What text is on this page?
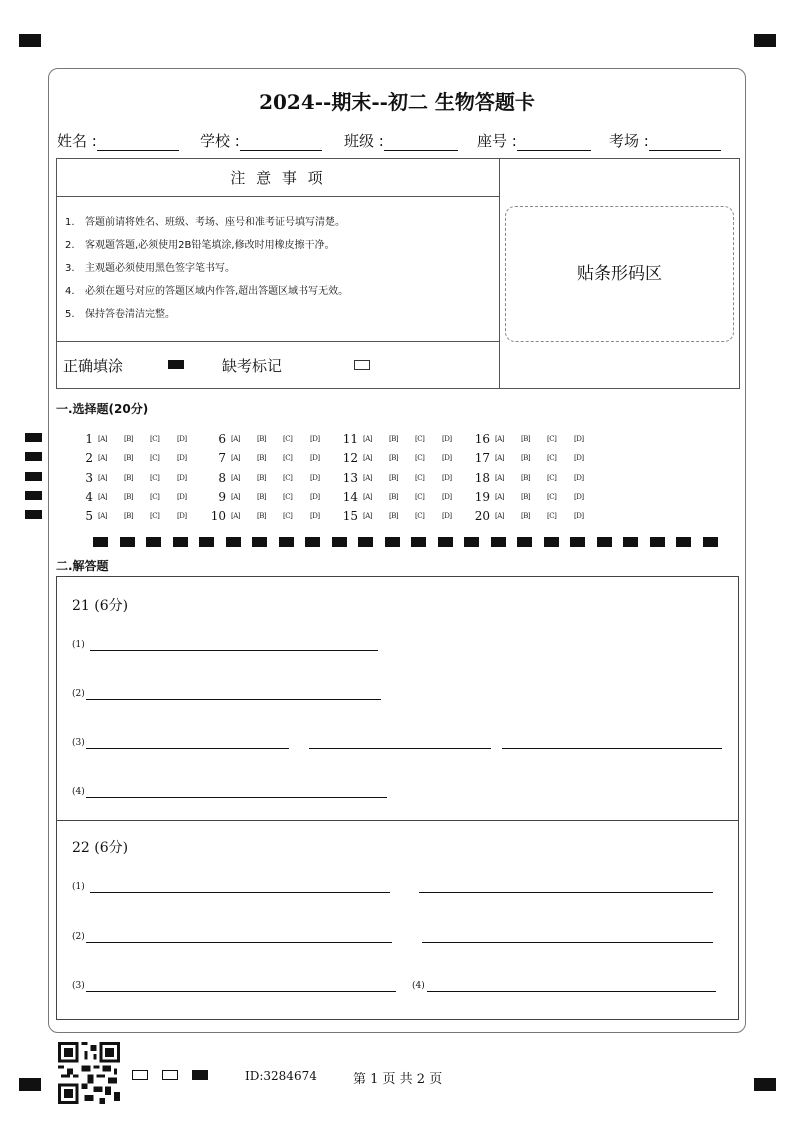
2024--期末--初二 生物答题卡
姓名 :	学校 :	班级 :	座号 :	考场 :
注 意 事 项
1. 答题前请将姓名、班级、考场、座号和准考证号填写清楚。
2. 客观题答题,必须使用2B铅笔填涂,修改时用橡皮擦干净。
3. 主观题必须使用黑色签字笔书写。
4. 必须在题号对应的答题区域内作答,超出答题区域书写无效。
5. 保持答卷清洁完整。
正确填涂	缺考标记
贴条形码区
一.选择题(20分)
1 [A]	[B]	[C]	[D]
2 [A]	[B]	[C]	[D]
3 [A]	[B]	[C]	[D]
4 [A]	[B]	[C]	[D]
5 [A]	[B]	[C]	[D]
6 [A]	[B]	[C]	[D]
7 [A]	[B]	[C]	[D]
8 [A]	[B]	[C]	[D]
9 [A]	[B]	[C]	[D]
10 [A]	[B]	[C]	[D]
11 [A]	[B]	[C]	[D]
12 [A]	[B]	[C]	[D]
13 [A]	[B]	[C]	[D]
14 [A]	[B]	[C]	[D]
15 [A]	[B]	[C]	[D]
16 [A]	[B]	[C]	[D]
17 [A]	[B]	[C]	[D]
18 [A]	[B]	[C]	[D]
19 [A]	[B]	[C]	[D]
20 [A]	[B]	[C]	[D]
二.解答题
21 (6分)
(1)
(2)
(3)
(4)
22 (6分)
(1)
(2)
(3)	(4)
ID:3284674	第 1 页 共 2 页
